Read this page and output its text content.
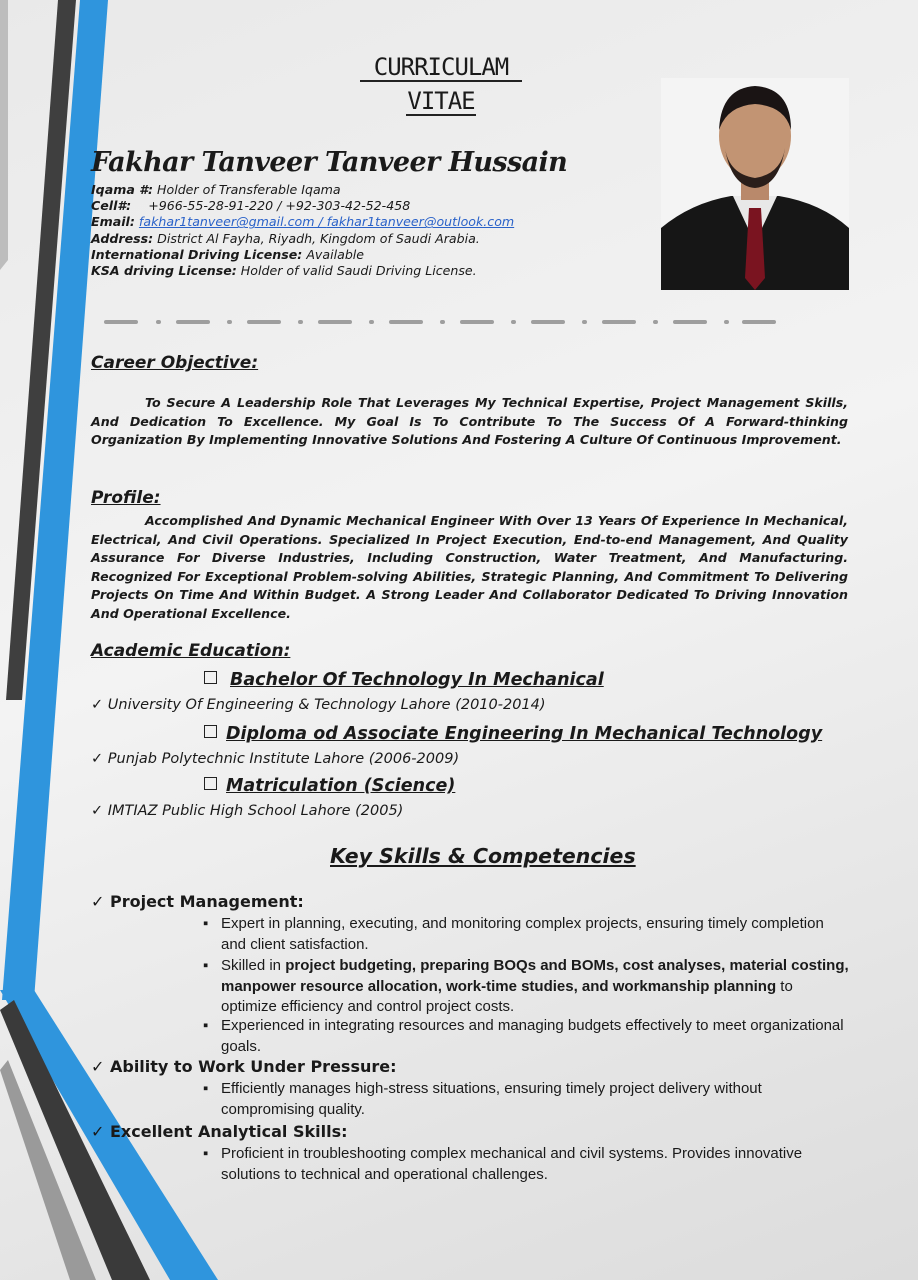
CURRICULAM
VITAE
Fakhar Tanveer Tanveer Hussain
Iqama #: Holder of Transferable Iqama
Cell#: +966-55-28-91-220 / +92-303-42-52-458
Email: fakhar1tanveer@gmail.com / fakhar1tanveer@outlook.com
Address: District Al Fayha, Riyadh, Kingdom of Saudi Arabia.
International Driving License: Available
KSA driving License: Holder of valid Saudi Driving License.
Career Objective:
To Secure A Leadership Role That Leverages My Technical Expertise, Project Management Skills, And Dedication To Excellence. My Goal Is To Contribute To The Success Of A Forward-thinking Organization By Implementing Innovative Solutions And Fostering A Culture Of Continuous Improvement.
Profile:
Accomplished And Dynamic Mechanical Engineer With Over 13 Years Of Experience In Mechanical, Electrical, And Civil Operations. Specialized In Project Execution, End-to-end Management, And Quality Assurance For Diverse Industries, Including Construction, Water Treatment, And Manufacturing. Recognized For Exceptional Problem-solving Abilities, Strategic Planning, And Commitment To Delivering Projects On Time And Within Budget. A Strong Leader And Collaborator Dedicated To Driving Innovation And Operational Excellence.
Academic Education:
Bachelor Of Technology In Mechanical
✓ University Of Engineering & Technology Lahore (2010-2014)
Diploma od Associate Engineering In Mechanical Technology
✓ Punjab Polytechnic Institute Lahore (2006-2009)
Matriculation (Science)
✓ IMTIAZ Public High School Lahore (2005)
Key Skills & Competencies
✓ Project Management:
▪ Expert in planning, executing, and monitoring complex projects, ensuring timely completion and client satisfaction.
▪ Skilled in project budgeting, preparing BOQs and BOMs, cost analyses, material costing, manpower resource allocation, work-time studies, and workmanship planning to optimize efficiency and control project costs.
▪ Experienced in integrating resources and managing budgets effectively to meet organizational goals.
✓ Ability to Work Under Pressure:
▪ Efficiently manages high-stress situations, ensuring timely project delivery without compromising quality.
✓ Excellent Analytical Skills:
▪ Proficient in troubleshooting complex mechanical and civil systems. Provides innovative solutions to technical and operational challenges.
